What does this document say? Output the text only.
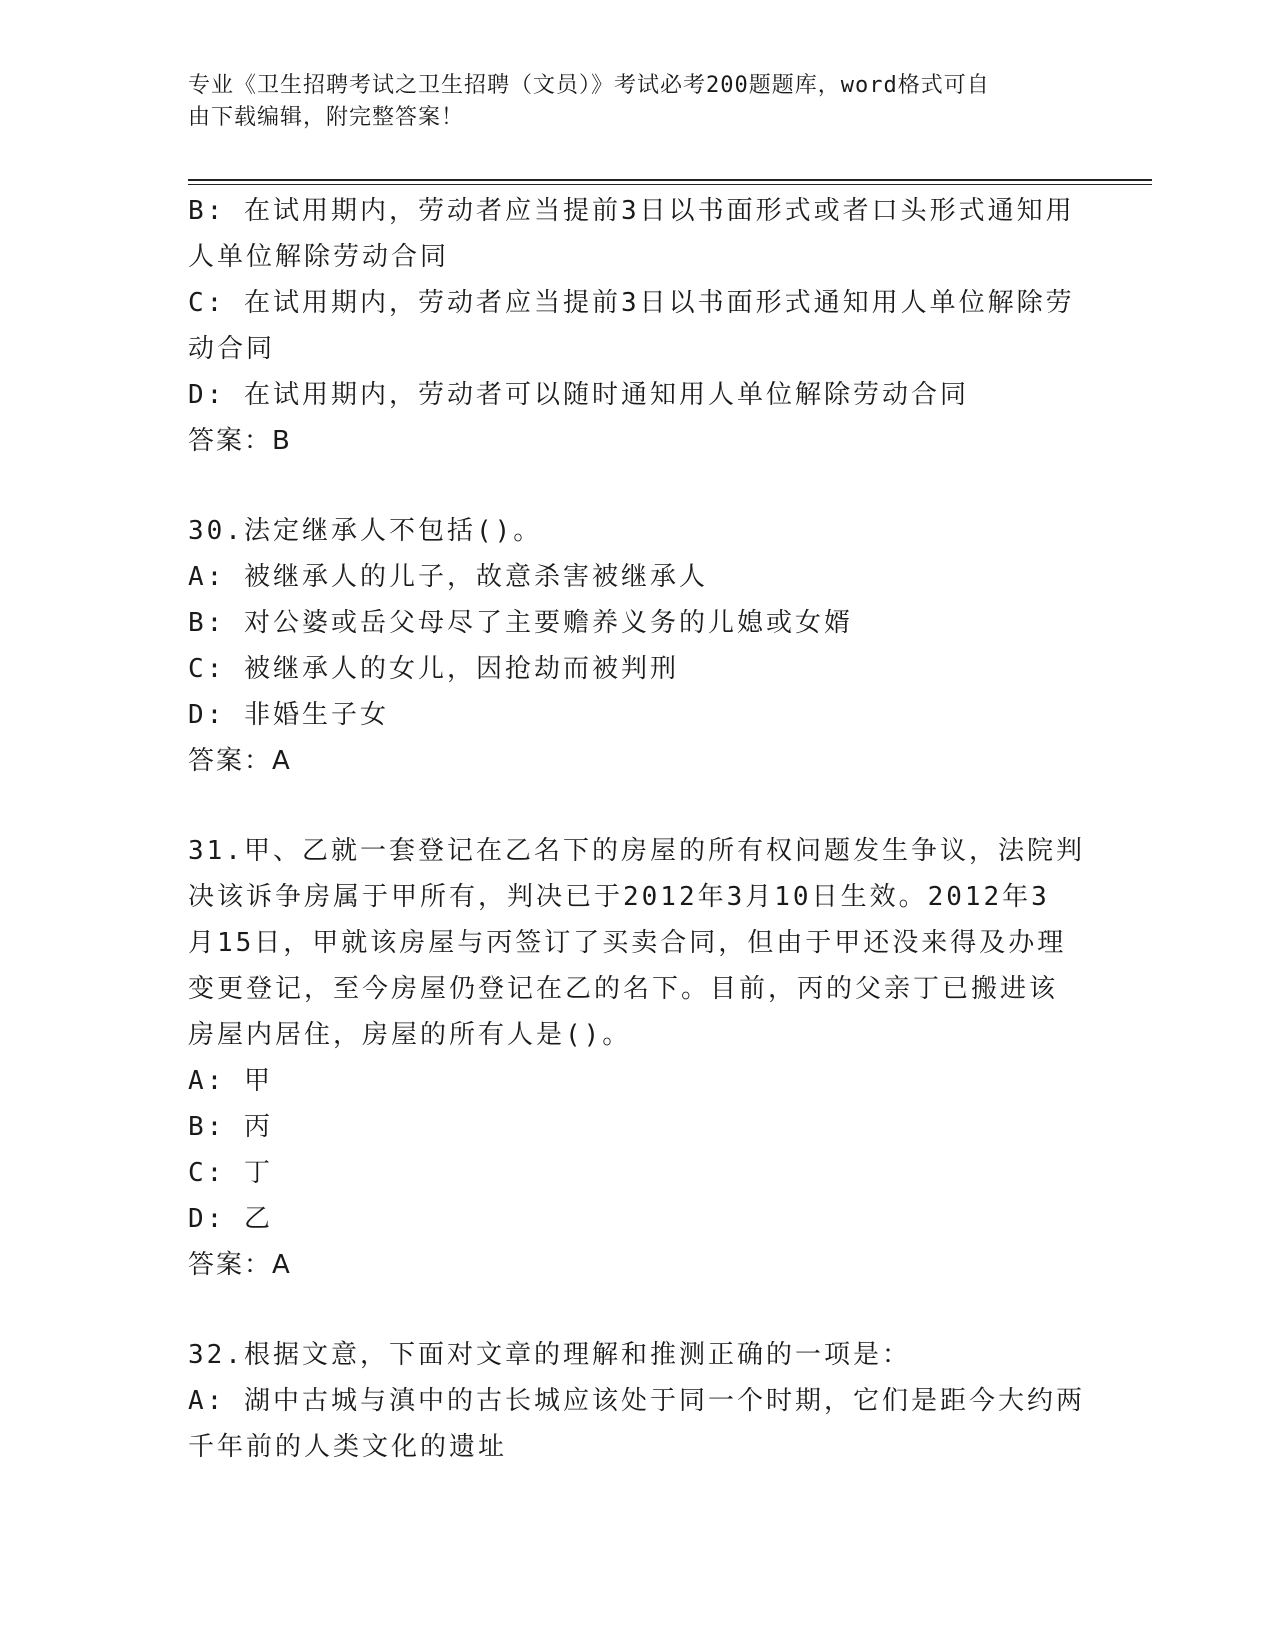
专业《卫生招聘考试之卫生招聘（文员）》考试必考200题题库，word格式可自
由下载编辑，附完整答案！
B: 在试用期内，劳动者应当提前3日以书面形式或者口头形式通知用
人单位解除劳动合同
C: 在试用期内，劳动者应当提前3日以书面形式通知用人单位解除劳
动合同
D: 在试用期内，劳动者可以随时通知用人单位解除劳动合同
答案：B
30.法定继承人不包括()。
A: 被继承人的儿子，故意杀害被继承人
B: 对公婆或岳父母尽了主要赡养义务的儿媳或女婿
C: 被继承人的女儿，因抢劫而被判刑
D: 非婚生子女
答案：A
31.甲、乙就一套登记在乙名下的房屋的所有权问题发生争议，法院判
决该诉争房属于甲所有，判决已于2012年3月10日生效。2012年3
月15日，甲就该房屋与丙签订了买卖合同，但由于甲还没来得及办理
变更登记，至今房屋仍登记在乙的名下。目前，丙的父亲丁已搬进该
房屋内居住，房屋的所有人是()。
A: 甲
B: 丙
C: 丁
D: 乙
答案：A
32.根据文意，下面对文章的理解和推测正确的一项是：
A: 湖中古城与滇中的古长城应该处于同一个时期，它们是距今大约两
千年前的人类文化的遗址
